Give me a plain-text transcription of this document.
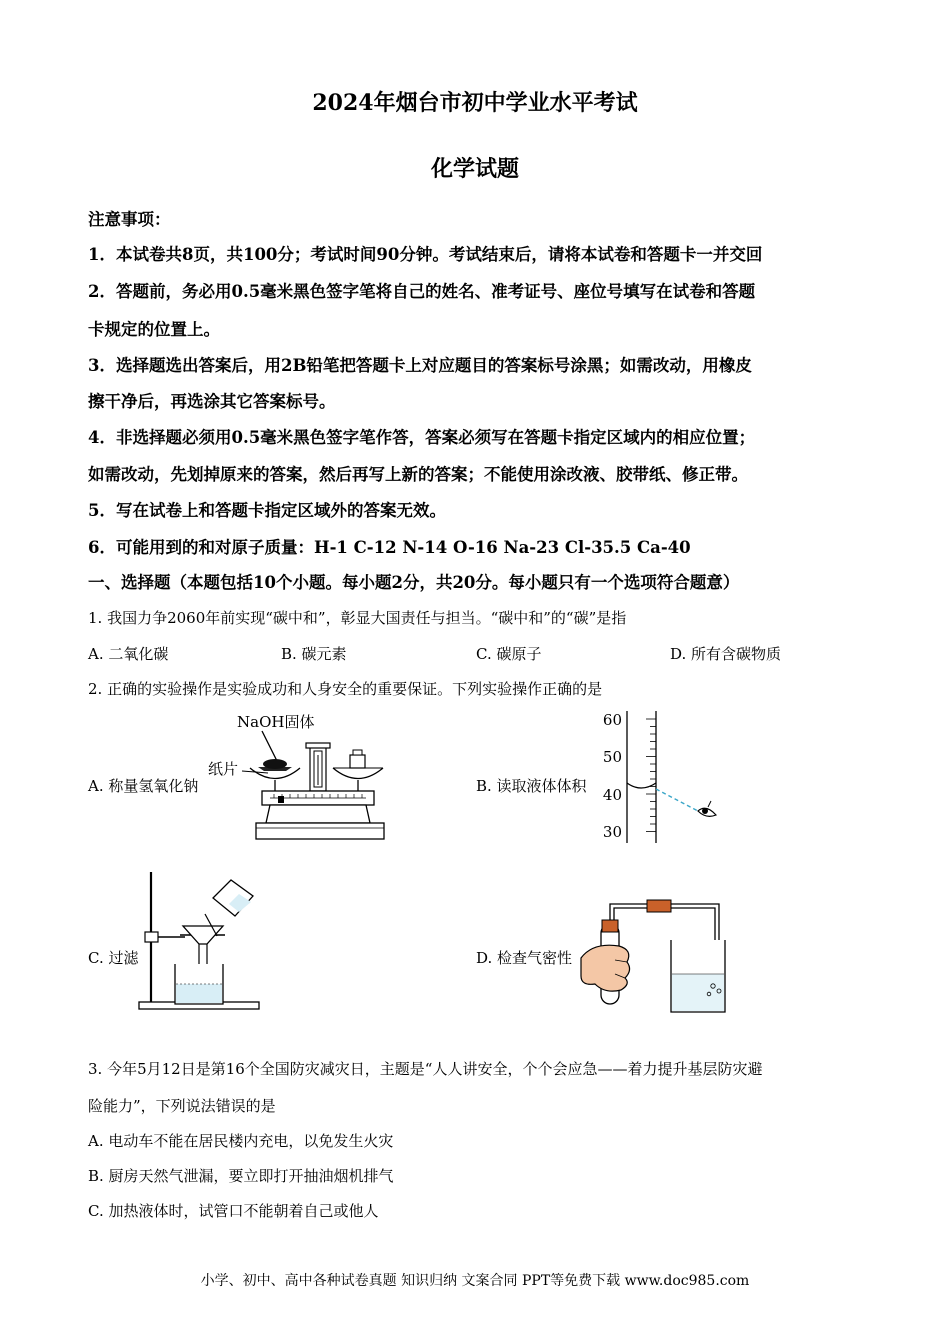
2024年烟台市初中学业水平考试
化学试题
注意事项：
1．本试卷共8页，共100分；考试时间90分钟。考试结束后，请将本试卷和答题卡一并交回
2．答题前，务必用0.5毫米黑色签字笔将自己的姓名、准考证号、座位号填写在试卷和答题
卡规定的位置上。
3．选择题选出答案后，用2B铅笔把答题卡上对应题目的答案标号涂黑；如需改动，用橡皮
擦干净后，再选涂其它答案标号。
4．非选择题必须用0.5毫米黑色签字笔作答，答案必须写在答题卡指定区域内的相应位置；
如需改动，先划掉原来的答案，然后再写上新的答案；不能使用涂改液、胶带纸、修正带。
5．写在试卷上和答题卡指定区域外的答案无效。
6．可能用到的和对原子质量：H-1 C-12 N-14 O-16 Na-23 Cl-35.5 Ca-40
一、选择题（本题包括10个小题。每小题2分，共20分。每小题只有一个选项符合题意）
1. 我国力争2060年前实现“碳中和”，彰显大国责任与担当。“碳中和”的“碳”是指
A. 二氧化碳	B. 碳元素	C. 碳原子	D. 所有含碳物质
2. 正确的实验操作是实验成功和人身安全的重要保证。下列实验操作正确的是
A. 称量氢氧化钠	B. 读取液体体积
C. 过滤	D. 检查气密性
NaOH固体
纸片
60
50
40
30
3. 今年5月12日是第16个全国防灾减灾日，主题是“人人讲安全，个个会应急——着力提升基层防灾避
险能力”，下列说法错误的是
A. 电动车不能在居民楼内充电，以免发生火灾
B. 厨房天然气泄漏，要立即打开抽油烟机排气
C. 加热液体时，试管口不能朝着自己或他人
小学、初中、高中各种试卷真题 知识归纳 文案合同 PPT等免费下载 www.doc985.com
